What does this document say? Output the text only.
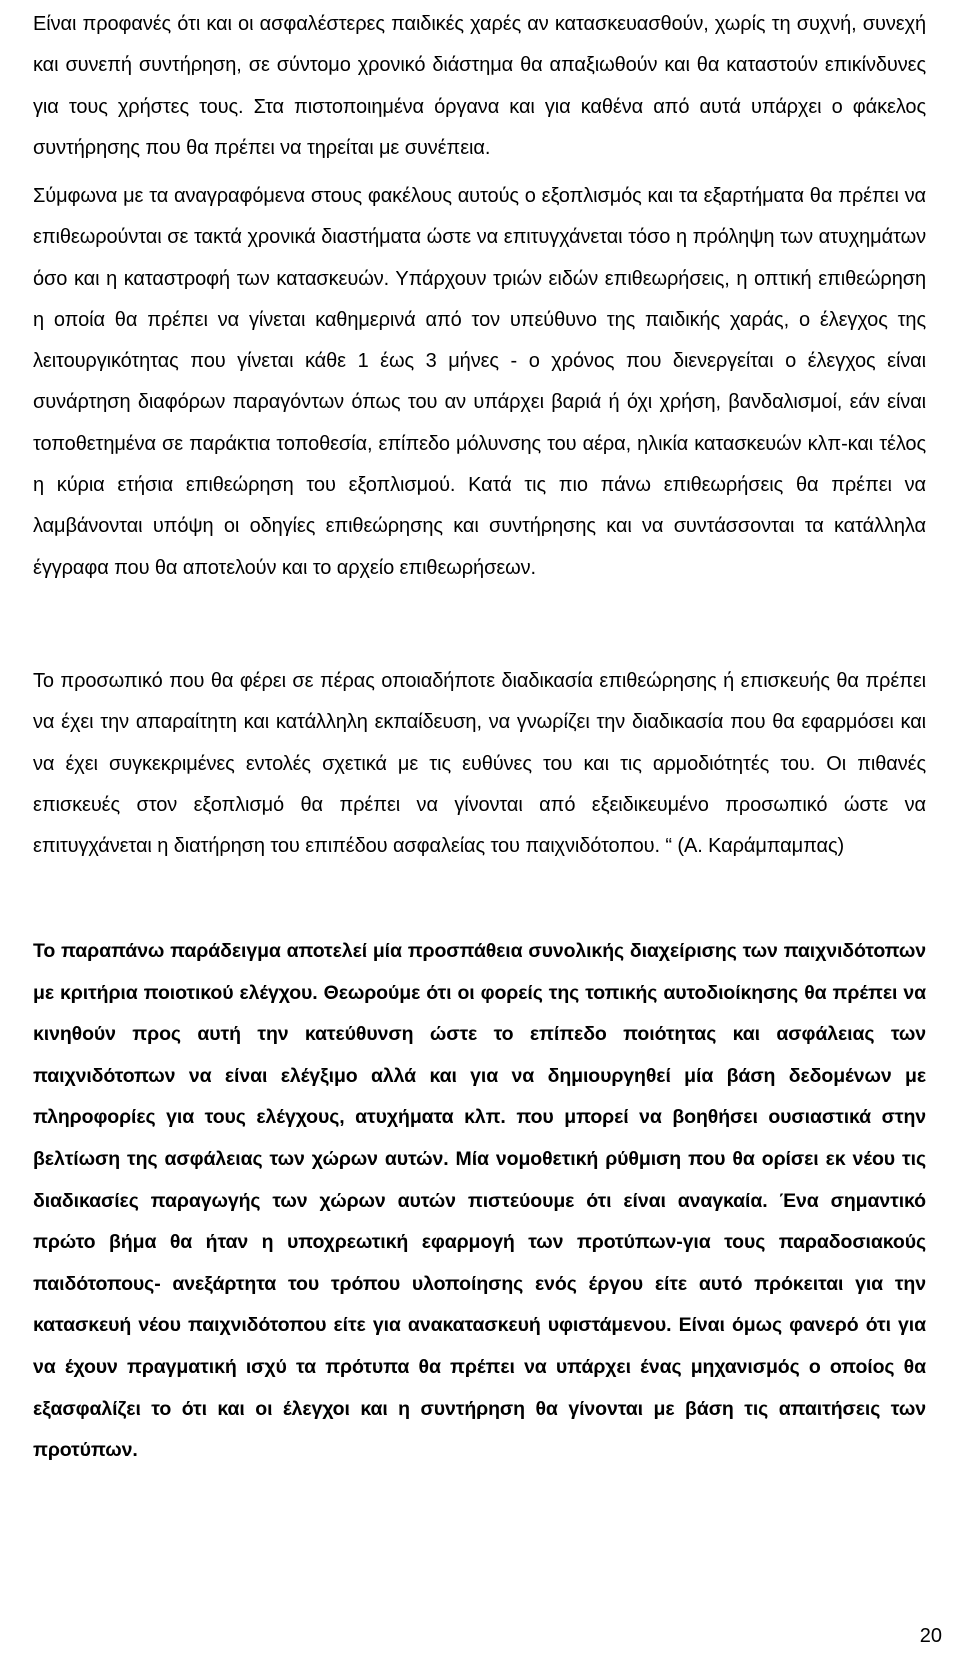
Είναι προφανές ότι και οι ασφαλέστερες παιδικές χαρές αν κατασκευασθούν, χωρίς τη συχνή, συνεχή και συνεπή συντήρηση, σε σύντομο χρονικό διάστημα θα απαξιωθούν και θα καταστούν επικίνδυνες για τους χρήστες τους. Στα πιστοποιημένα όργανα και για καθένα από αυτά υπάρχει ο φάκελος συντήρησης που θα πρέπει να τηρείται με συνέπεια.

Σύμφωνα με τα αναγραφόμενα στους φακέλους αυτούς ο εξοπλισμός και τα εξαρτήματα θα πρέπει να επιθεωρούνται σε τακτά χρονικά διαστήματα ώστε να επιτυγχάνεται τόσο η πρόληψη των ατυχημάτων όσο και η καταστροφή των κατασκευών. Υπάρχουν τριών ειδών επιθεωρήσεις, η οπτική επιθεώρηση η οποία θα πρέπει να γίνεται καθημερινά από τον υπεύθυνο της παιδικής χαράς, ο έλεγχος της λειτουργικότητας που γίνεται κάθε 1 έως 3 μήνες - ο χρόνος που διενεργείται ο έλεγχος είναι συνάρτηση διαφόρων παραγόντων όπως του αν υπάρχει βαριά ή όχι χρήση, βανδαλισμοί, εάν είναι τοποθετημένα σε παράκτια τοποθεσία, επίπεδο μόλυνσης του αέρα, ηλικία κατασκευών κλπ-και τέλος η κύρια ετήσια επιθεώρηση του εξοπλισμού. Κατά τις πιο πάνω επιθεωρήσεις θα πρέπει να λαμβάνονται υπόψη οι οδηγίες επιθεώρησης και συντήρησης και να συντάσσονται τα κατάλληλα έγγραφα που θα αποτελούν και το αρχείο επιθεωρήσεων.

Το προσωπικό που θα φέρει σε πέρας οποιαδήποτε διαδικασία επιθεώρησης ή επισκευής θα πρέπει να έχει την απαραίτητη και κατάλληλη εκπαίδευση, να γνωρίζει την διαδικασία που θα εφαρμόσει και να έχει συγκεκριμένες εντολές σχετικά με τις ευθύνες του και τις αρμοδιότητές του. Οι πιθανές επισκευές στον εξοπλισμό θα πρέπει να γίνονται από εξειδικευμένο προσωπικό ώστε να επιτυγχάνεται η διατήρηση του επιπέδου ασφαλείας του παιχνιδότοπου. “ (Α. Καράμπαμπας)

Το παραπάνω παράδειγμα αποτελεί μία προσπάθεια συνολικής διαχείρισης των παιχνιδότοπων με κριτήρια ποιοτικού ελέγχου. Θεωρούμε ότι οι φορείς της τοπικής αυτοδιοίκησης θα πρέπει να κινηθούν προς αυτή την κατεύθυνση ώστε το επίπεδο ποιότητας και ασφάλειας των παιχνιδότοπων να είναι ελέγξιμο αλλά και για να δημιουργηθεί μία βάση δεδομένων με πληροφορίες για τους ελέγχους, ατυχήματα κλπ. που μπορεί να βοηθήσει ουσιαστικά στην βελτίωση της ασφάλειας των χώρων αυτών. Μία νομοθετική ρύθμιση που θα ορίσει εκ νέου τις διαδικασίες παραγωγής των χώρων αυτών πιστεύουμε ότι είναι αναγκαία. Ένα σημαντικό πρώτο βήμα θα ήταν η υποχρεωτική εφαρμογή των προτύπων-για τους παραδοσιακούς παιδότοπους- ανεξάρτητα του τρόπου υλοποίησης ενός έργου είτε αυτό πρόκειται για την κατασκευή νέου παιχνιδότοπου είτε για ανακατασκευή υφιστάμενου. Είναι όμως φανερό ότι για να έχουν πραγματική ισχύ τα πρότυπα θα πρέπει να υπάρχει ένας μηχανισμός ο οποίος θα εξασφαλίζει το ότι και οι έλεγχοι και η συντήρηση θα γίνονται με βάση τις απαιτήσεις των προτύπων.

20
